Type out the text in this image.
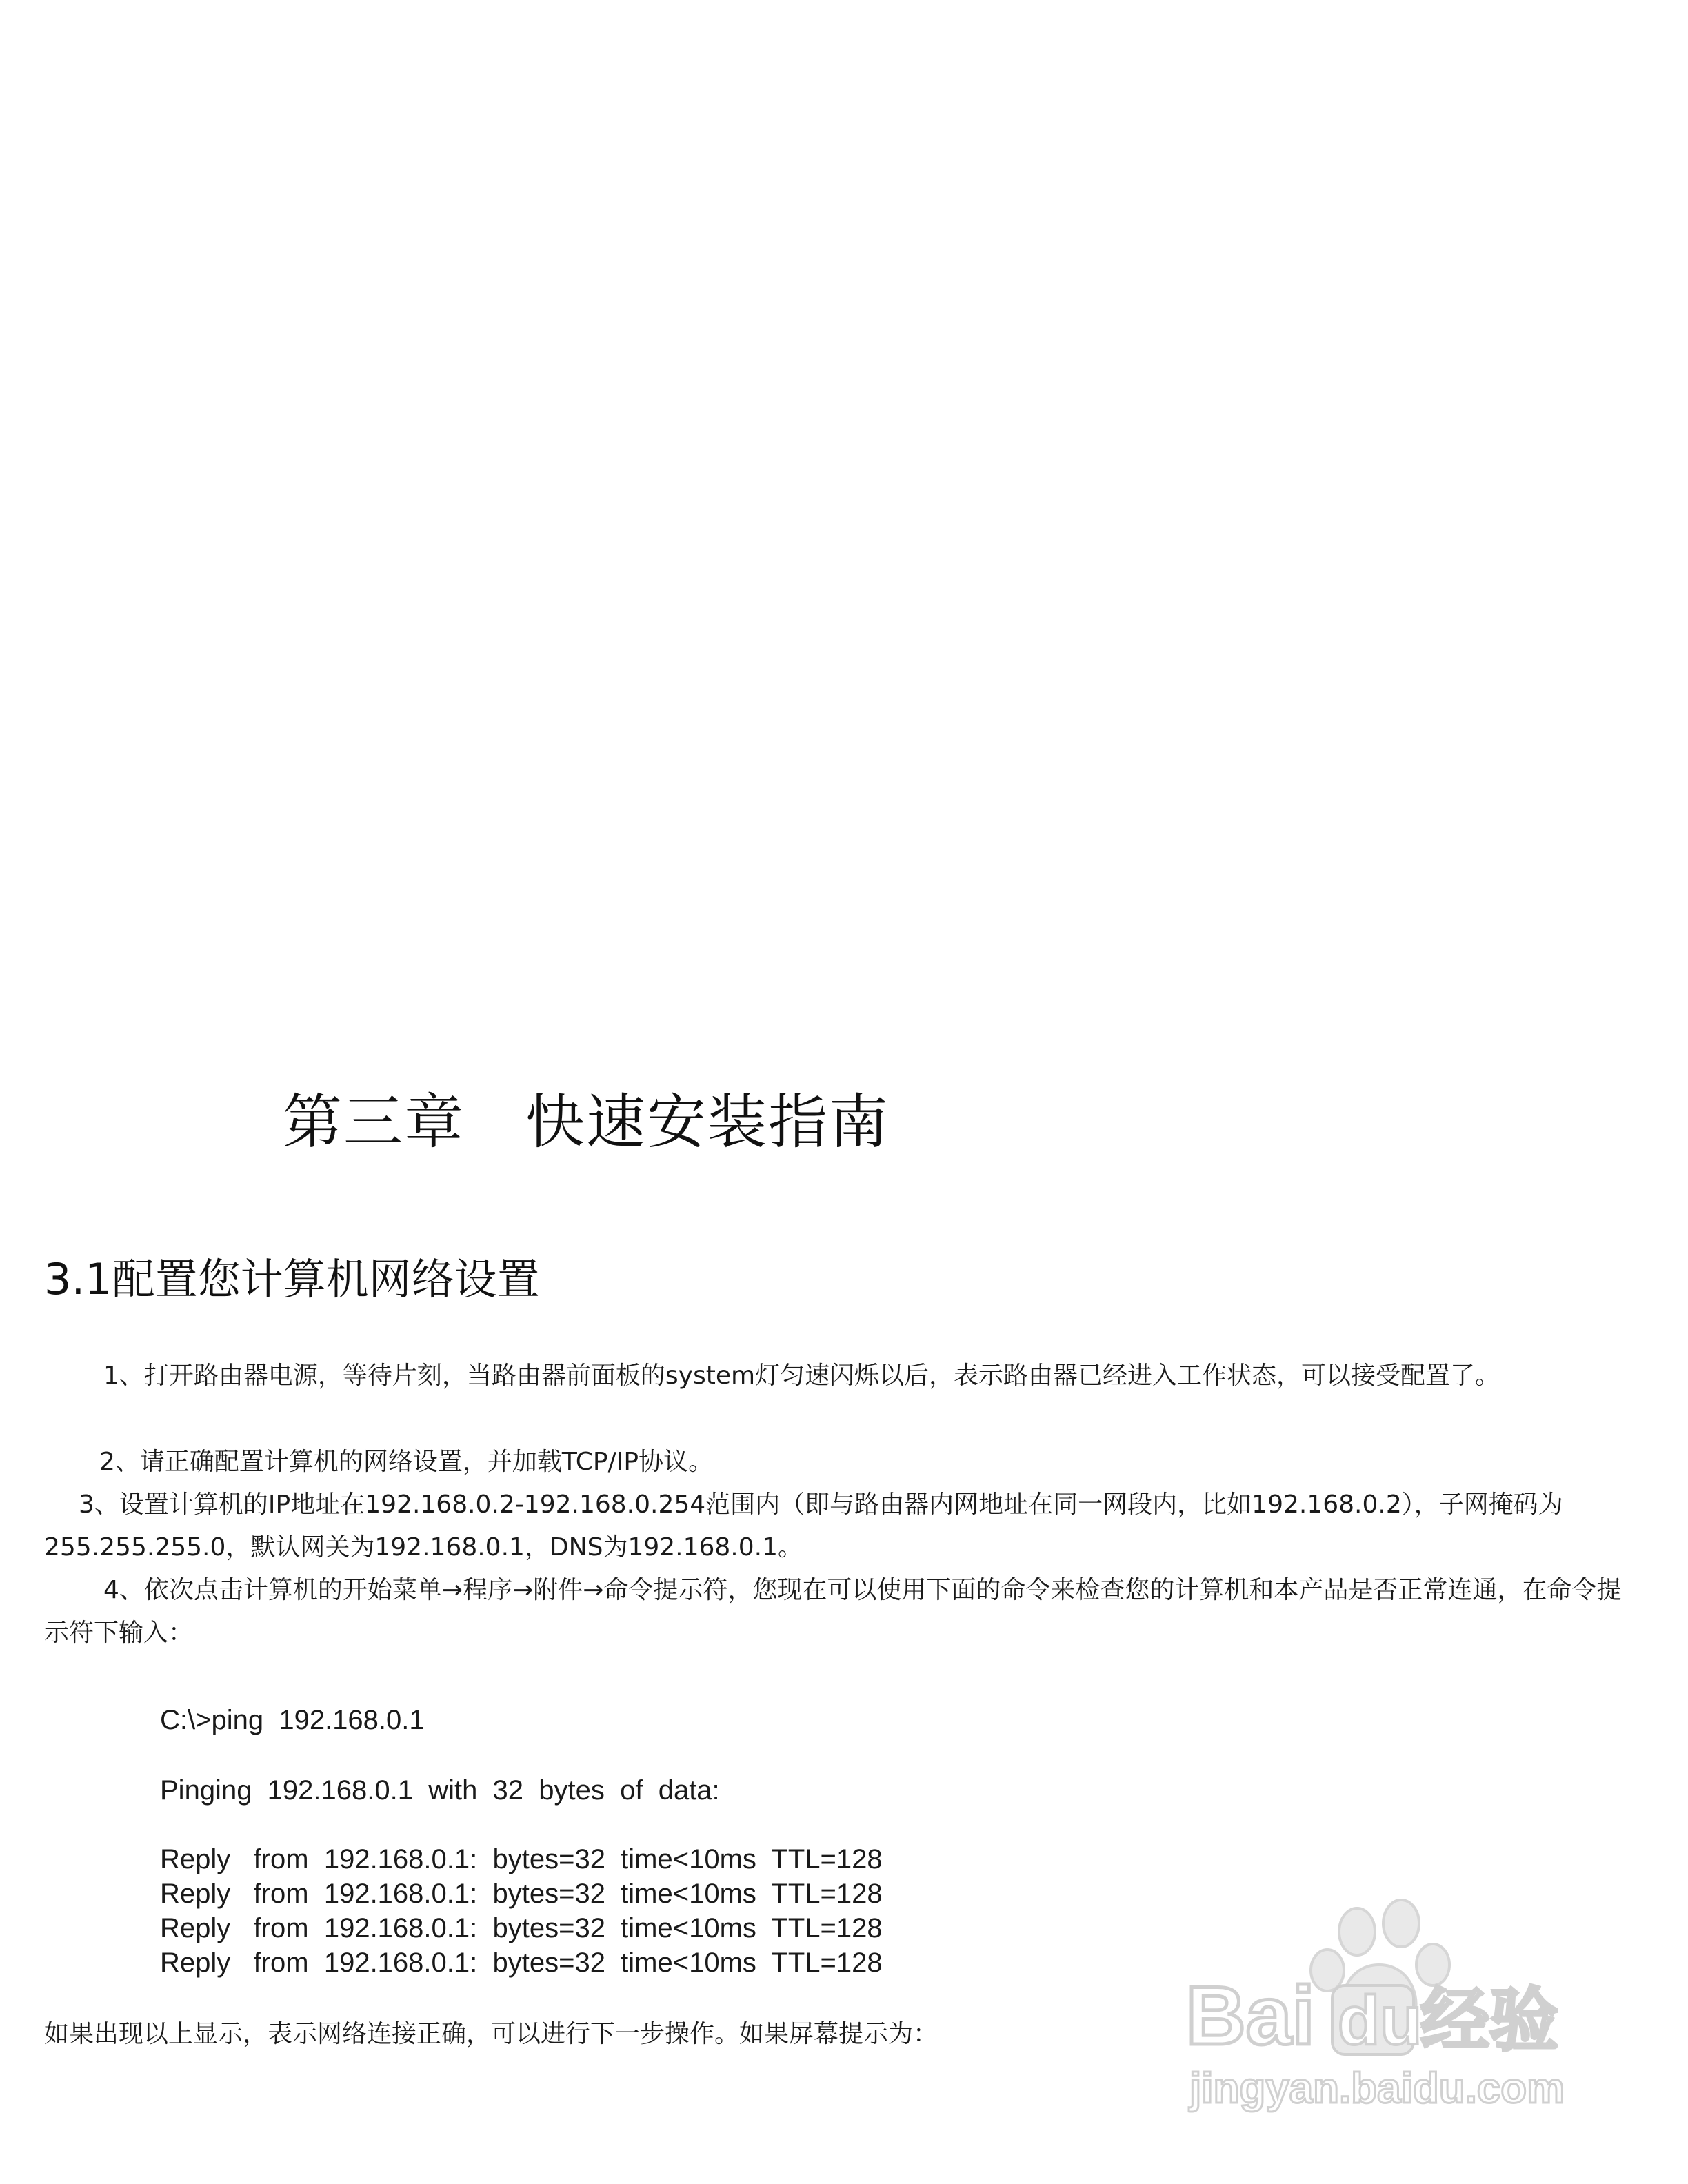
第三章　快速安装指南
3.1配置您计算机网络设置
1、打开路由器电源，等待片刻，当路由器前面板的system灯匀速闪烁以后，表示路由器已经进入工作状态，可以接受配置了。
2、请正确配置计算机的网络设置，并加载TCP/IP协议。
3、设置计算机的IP地址在192.168.0.2-192.168.0.254范围内（即与路由器内网地址在同一网段内，比如192.168.0.2），子网掩码为255.255.255.0，默认网关为192.168.0.1，DNS为192.168.0.1。
4、依次点击计算机的开始菜单→程序→附件→命令提示符，您现在可以使用下面的命令来检查您的计算机和本产品是否正常连通，在命令提示符下输入：
C:\>ping  192.168.0.1
Pinging  192.168.0.1  with  32  bytes  of  data:
Reply   from  192.168.0.1:  bytes=32  time<10ms  TTL=128
Reply   from  192.168.0.1:  bytes=32  time<10ms  TTL=128
Reply   from  192.168.0.1:  bytes=32  time<10ms  TTL=128
Reply   from  192.168.0.1:  bytes=32  time<10ms  TTL=128
如果出现以上显示，表示网络连接正确，可以进行下一步操作。如果屏幕提示为：	Bai du
经验
jingyan.baidu.com
